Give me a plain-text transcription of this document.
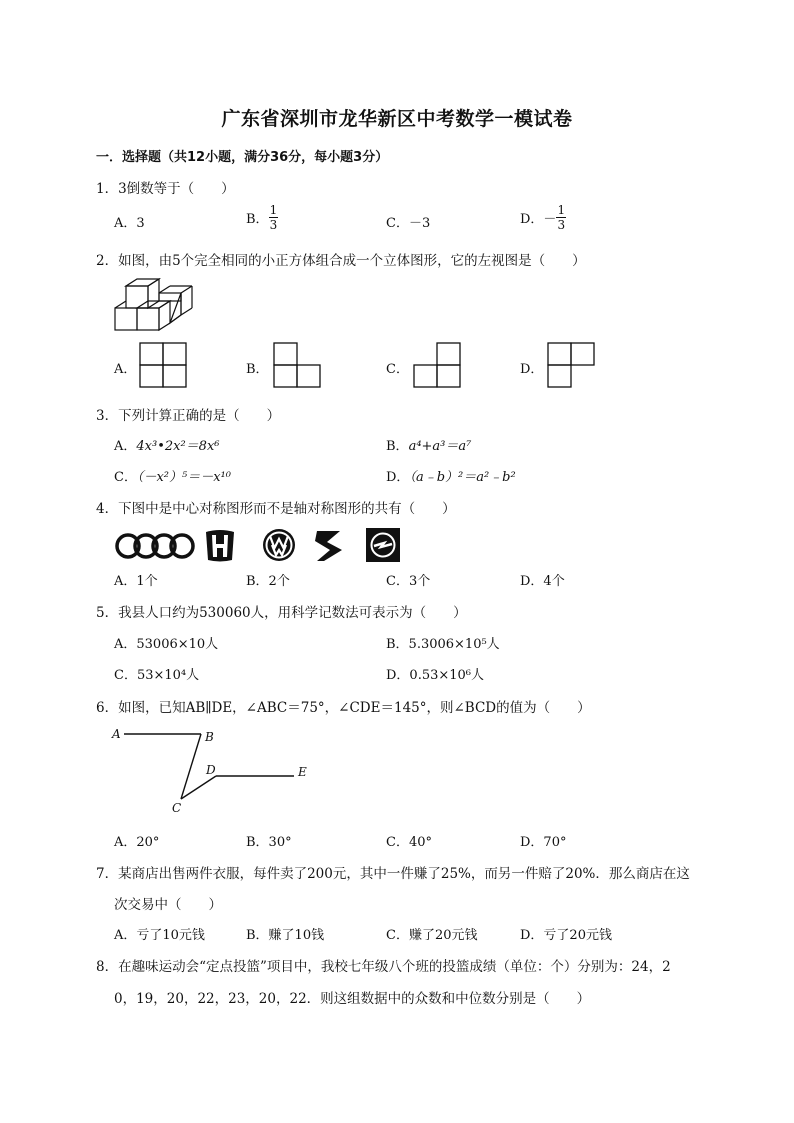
广东省深圳市龙华新区中考数学一模试卷
一．选择题（共12小题，满分36分，每小题3分）
1．3倒数等于（　　）
A．3	B． $\frac{1}{3}$	C．－3	D．－ $\frac{1}{3}$
2．如图，由5个完全相同的小正方体组合成一个立体图形，它的左视图是（　　）
A．	B．	C．	D．
3．下列计算正确的是（　　）
A．4x³•2x²＝8x⁶	B．a⁴+a³＝a⁷
C．（－x²）⁵＝－x¹⁰	D．（a﹣b）²＝a²﹣b²
4．下图中是中心对称图形而不是轴对称图形的共有（　　）
A．1个	B．2个	C．3个	D．4个
5．我县人口约为530060人，用科学记数法可表示为（　　）
A．53006×10人	B．5.3006×10⁵人
C．53×10⁴人	D．0.53×10⁶人
6．如图，已知AB∥DE，∠ABC＝75°，∠CDE＝145°，则∠BCD的值为（　　）
A	B
D	E
C
A．20°	B．30°	C．40°	D．70°
7．某商店出售两件衣服，每件卖了200元，其中一件赚了25%，而另一件赔了20%．那么商店在这
次交易中（　　）
A．亏了10元钱	B．赚了10钱	C．赚了20元钱	D．亏了20元钱
8．在趣味运动会“定点投篮”项目中，我校七年级八个班的投篮成绩（单位：个）分别为：24，2
0，19，20，22，23，20，22．则这组数据中的众数和中位数分别是（　　）
